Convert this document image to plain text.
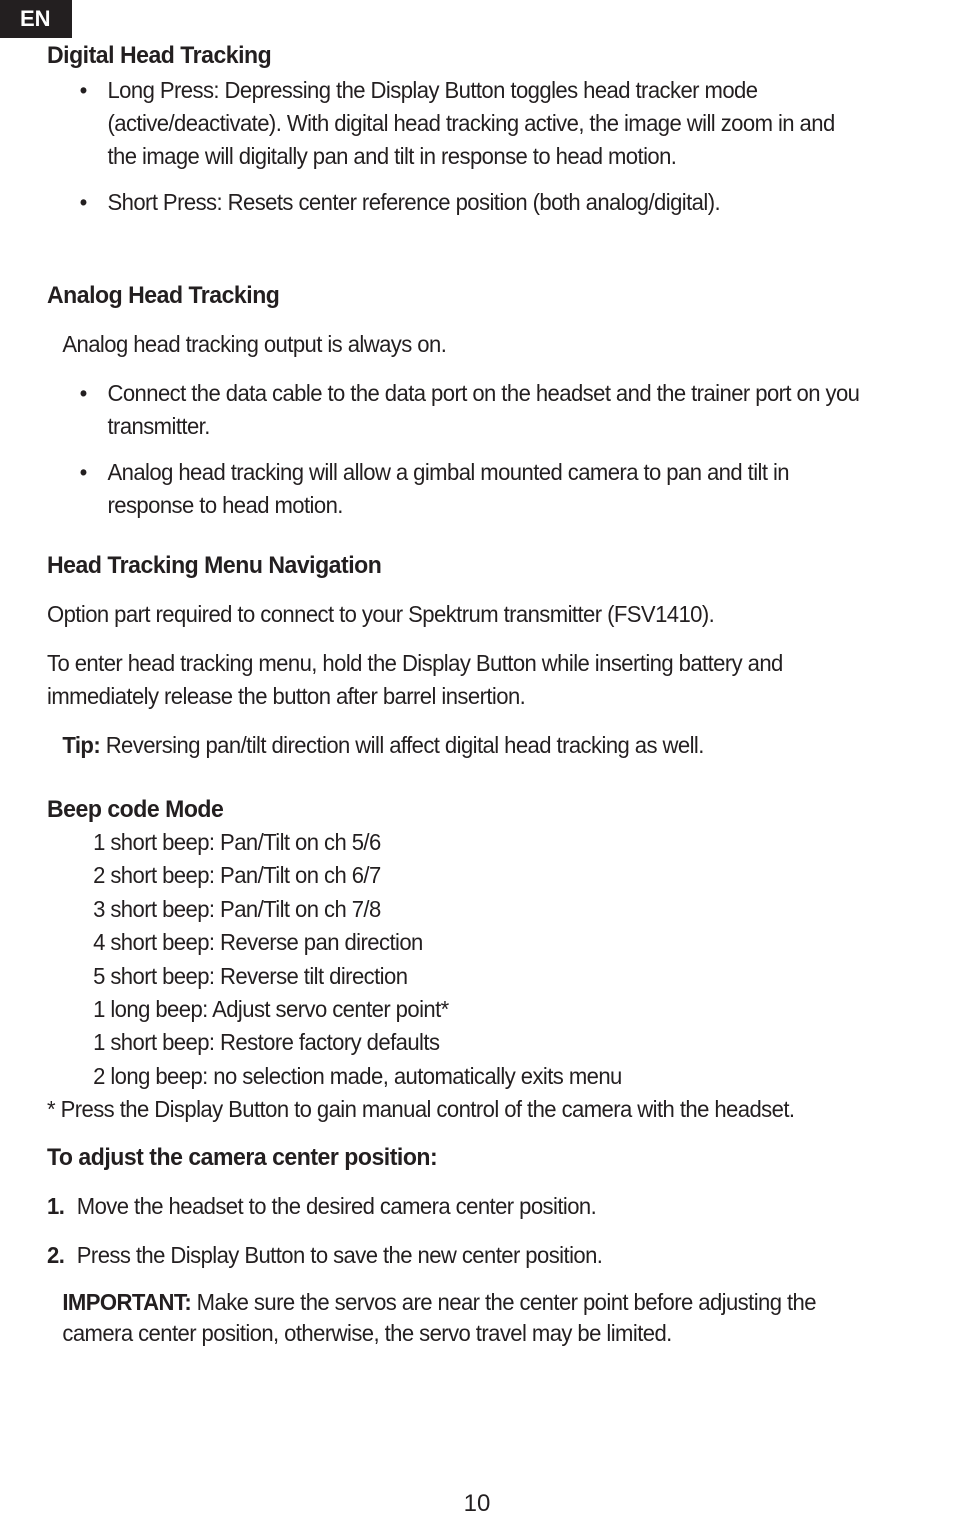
EN
Digital Head Tracking
• Long Press: Depressing the Display Button toggles head tracker mode (active/deactivate). With digital head tracking active, the image will zoom in and the image will digitally pan and tilt in response to head motion.
• Short Press: Resets center reference position (both analog/digital).
Analog Head Tracking

Analog head tracking output is always on.

• Connect the data cable to the data port on the headset and the trainer port on you transmitter.
• Analog head tracking will allow a gimbal mounted camera to pan and tilt in response to head motion.
Head Tracking Menu Navigation

Option part required to connect to your Spektrum transmitter (FSV1410).

To enter head tracking menu, hold the Display Button while inserting battery and immediately release the button after barrel insertion.

Tip: Reversing pan/tilt direction will affect digital head tracking as well.

Beep code Mode
1 short beep: Pan/Tilt on ch 5/6
2 short beep: Pan/Tilt on ch 6/7
3 short beep: Pan/Tilt on ch 7/8
4 short beep: Reverse pan direction
5 short beep: Reverse tilt direction
1 long beep: Adjust servo center point*
1 short beep: Restore factory defaults
2 long beep: no selection made, automatically exits menu

* Press the Display Button to gain manual control of the camera with the headset.

To adjust the camera center position:
1. Move the headset to the desired camera center position.
2. Press the Display Button to save the new center position.

IMPORTANT: Make sure the servos are near the center point before adjusting the camera center position, otherwise, the servo travel may be limited.

10
